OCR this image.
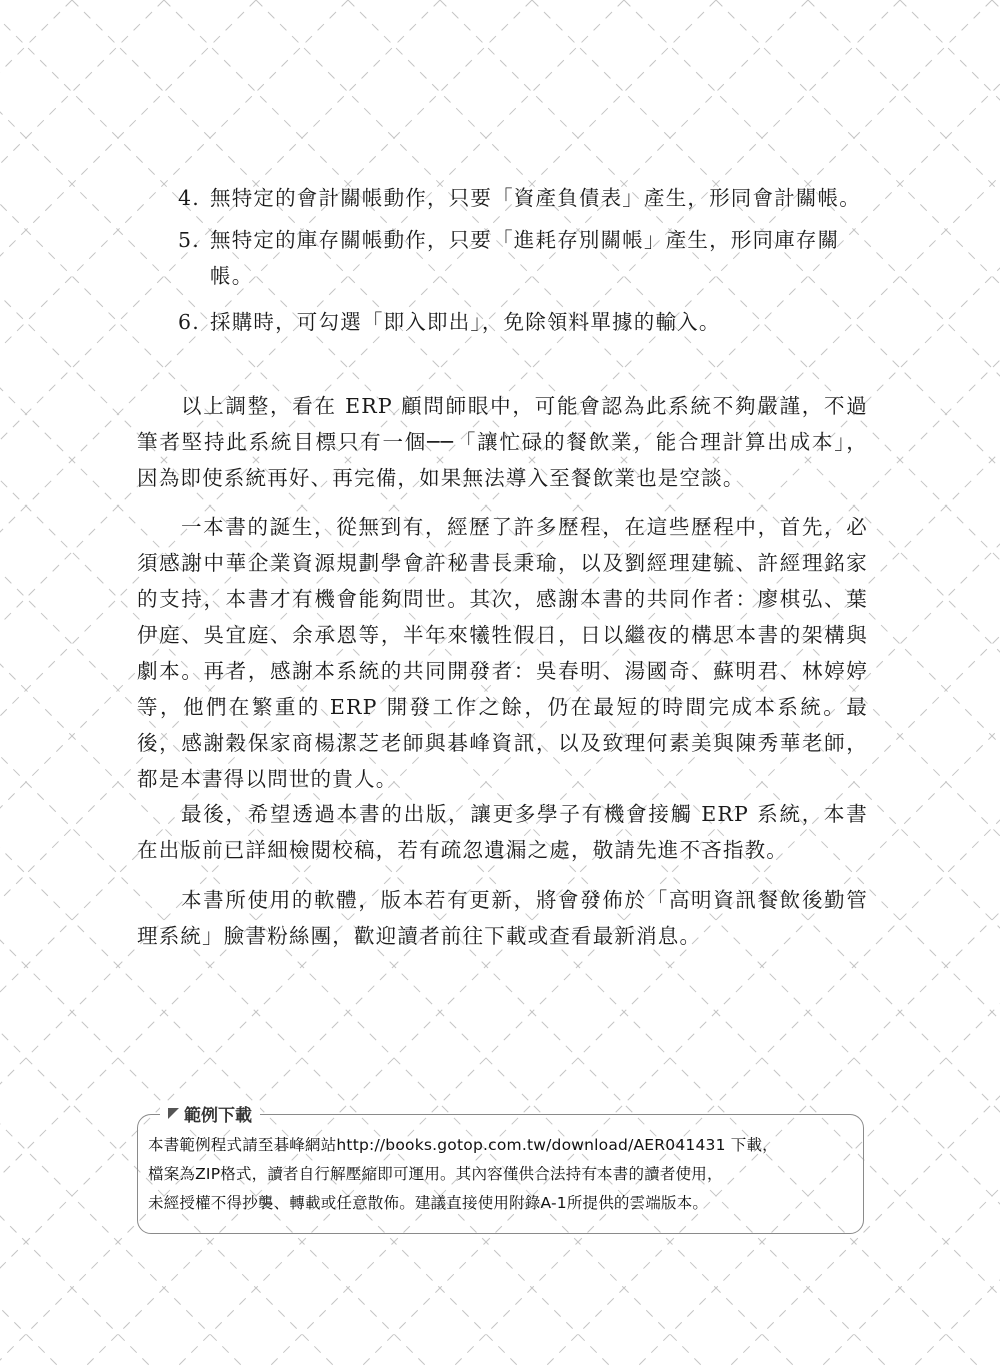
4. 無特定的會計關帳動作，只要「資產負債表」產生，形同會計關帳。
5. 無特定的庫存關帳動作，只要「進耗存別關帳」產生，形同庫存關帳。
6. 採購時，可勾選「即入即出」，免除領料單據的輸入。

以上調整，看在 ERP 顧問師眼中，可能會認為此系統不夠嚴謹，不過筆者堅持此系統目標只有一個──「讓忙碌的餐飲業，能合理計算出成本」，因為即使系統再好、再完備，如果無法導入至餐飲業也是空談。

一本書的誕生，從無到有，經歷了許多歷程，在這些歷程中，首先，必須感謝中華企業資源規劃學會許秘書長秉瑜，以及劉經理建毓、許經理銘家的支持，本書才有機會能夠問世。其次，感謝本書的共同作者：廖棋弘、葉伊庭、吳宜庭、余承恩等，半年來犧牲假日，日以繼夜的構思本書的架構與劇本。再者，感謝本系統的共同開發者：吳春明、湯國奇、蘇明君、林婷婷等，他們在繁重的 ERP 開發工作之餘，仍在最短的時間完成本系統。最後，感謝穀保家商楊潔芝老師與碁峰資訊，以及致理何素美與陳秀華老師，都是本書得以問世的貴人。

最後，希望透過本書的出版，讓更多學子有機會接觸 ERP 系統，本書在出版前已詳細檢閱校稿，若有疏忽遺漏之處，敬請先進不吝指教。

本書所使用的軟體，版本若有更新，將會發佈於「高明資訊餐飲後勤管理系統」臉書粉絲團，歡迎讀者前往下載或查看最新消息。

範例下載
本書範例程式請至碁峰網站http://books.gotop.com.tw/download/AER041431 下載，
檔案為ZIP格式，讀者自行解壓縮即可運用。其內容僅供合法持有本書的讀者使用，
未經授權不得抄襲、轉載或任意散佈。建議直接使用附錄A-1所提供的雲端版本。
